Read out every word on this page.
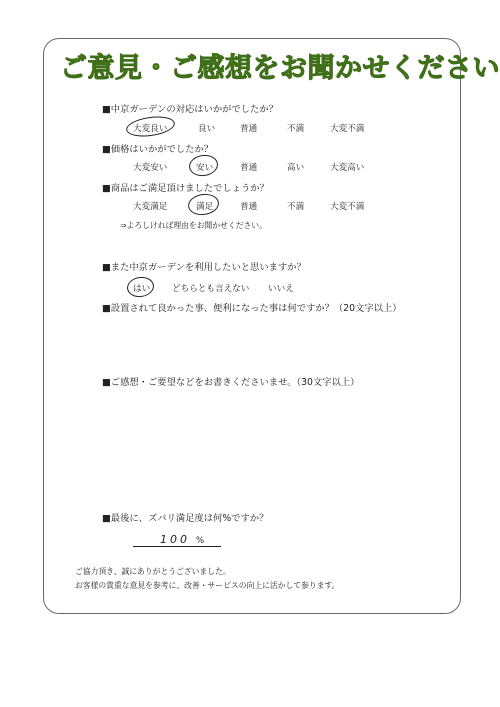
ご意見・ご感想をお聞かせください
■中京ガーデンの対応はいかがでしたか？
大変良い	良い	普通	不満	大変不満
■価格はいかがでしたか？
大変安い	安い	普通	高い	大変高い
■商品はご満足頂けましたでしょうか？
大変満足	満足	普通	不満	大変不満
⇒よろしければ理由をお聞かせください。
■また中京ガーデンを利用したいと思いますか？
はい	どちらとも言えない いいえ
■設置されて良かった事、便利になった事は何ですか？（20文字以上）
■ご感想・ご要望などをお書きくださいませ。（30文字以上）
■最後に、ズバリ満足度は何%ですか？
100 %
ご協力頂き、誠にありがとうございました。
お客様の貴重な意見を参考に、改善・サービスの向上に活かして参ります。
